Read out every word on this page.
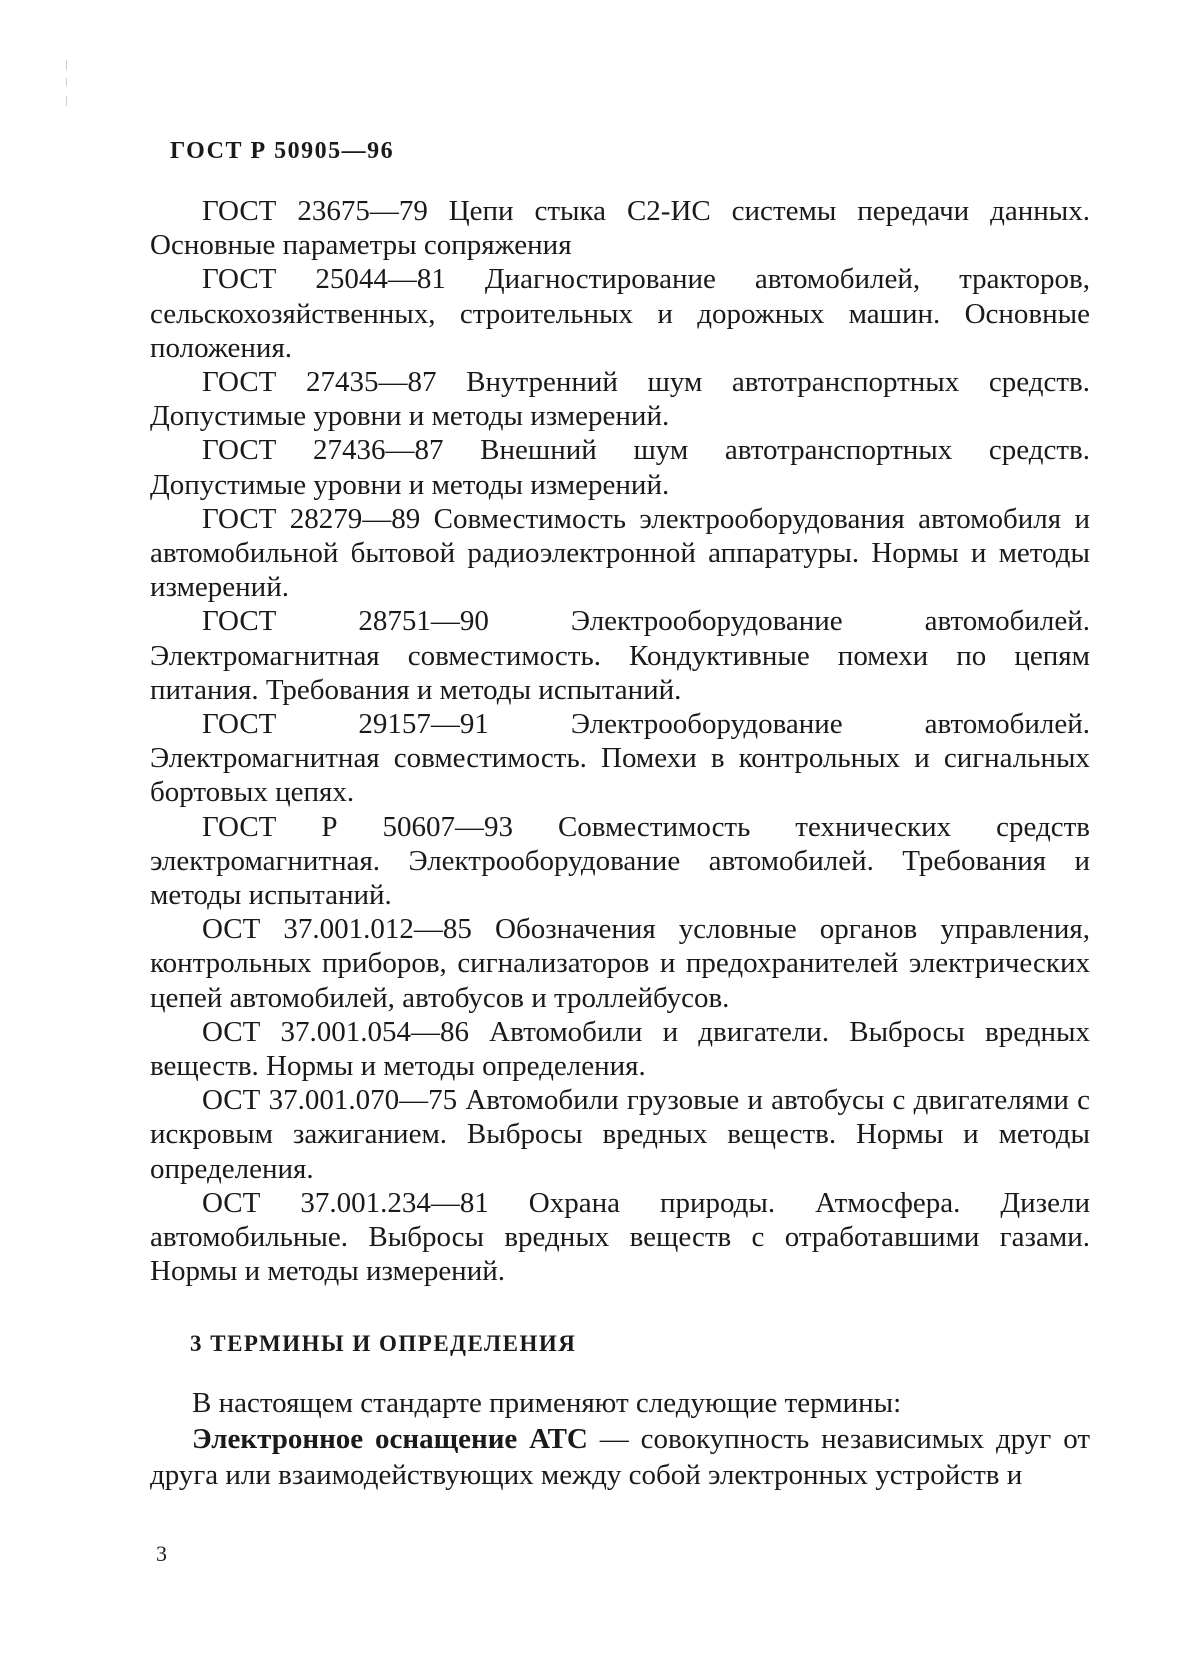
ГОСТ Р 50905—96

ГОСТ 23675—79 Цепи стыка С2-ИС системы передачи данных. Основные параметры сопряжения

ГОСТ 25044—81 Диагностирование автомобилей, тракторов, сельскохозяйственных, строительных и дорожных машин. Основные положения.

ГОСТ 27435—87 Внутренний шум автотранспортных средств. Допустимые уровни и методы измерений.

ГОСТ 27436—87 Внешний шум автотранспортных средств. Допустимые уровни и методы измерений.

ГОСТ 28279—89 Совместимость электрооборудования автомобиля и автомобильной бытовой радиоэлектронной аппаратуры. Нормы и методы измерений.

ГОСТ 28751—90 Электрооборудование автомобилей. Электромагнитная совместимость. Кондуктивные помехи по цепям питания. Требования и методы испытаний.

ГОСТ 29157—91 Электрооборудование автомобилей. Электромагнитная совместимость. Помехи в контрольных и сигнальных бортовых цепях.

ГОСТ Р 50607—93 Совместимость технических средств электромагнитная. Электрооборудование автомобилей. Требования и методы испытаний.

ОСТ 37.001.012—85 Обозначения условные органов управления, контрольных приборов, сигнализаторов и предохранителей электрических цепей автомобилей, автобусов и троллейбусов.

ОСТ 37.001.054—86 Автомобили и двигатели. Выбросы вредных веществ. Нормы и методы определения.

ОСТ 37.001.070—75 Автомобили грузовые и автобусы с двигателями с искровым зажиганием. Выбросы вредных веществ. Нормы и методы определения.

ОСТ 37.001.234—81 Охрана природы. Атмосфера. Дизели автомобильные. Выбросы вредных веществ с отработавшими газами. Нормы и методы измерений.

3 ТЕРМИНЫ И ОПРЕДЕЛЕНИЯ

В настоящем стандарте применяют следующие термины:

Электронное оснащение АТС — совокупность независимых друг от друга или взаимодействующих между собой электронных устройств и

3
